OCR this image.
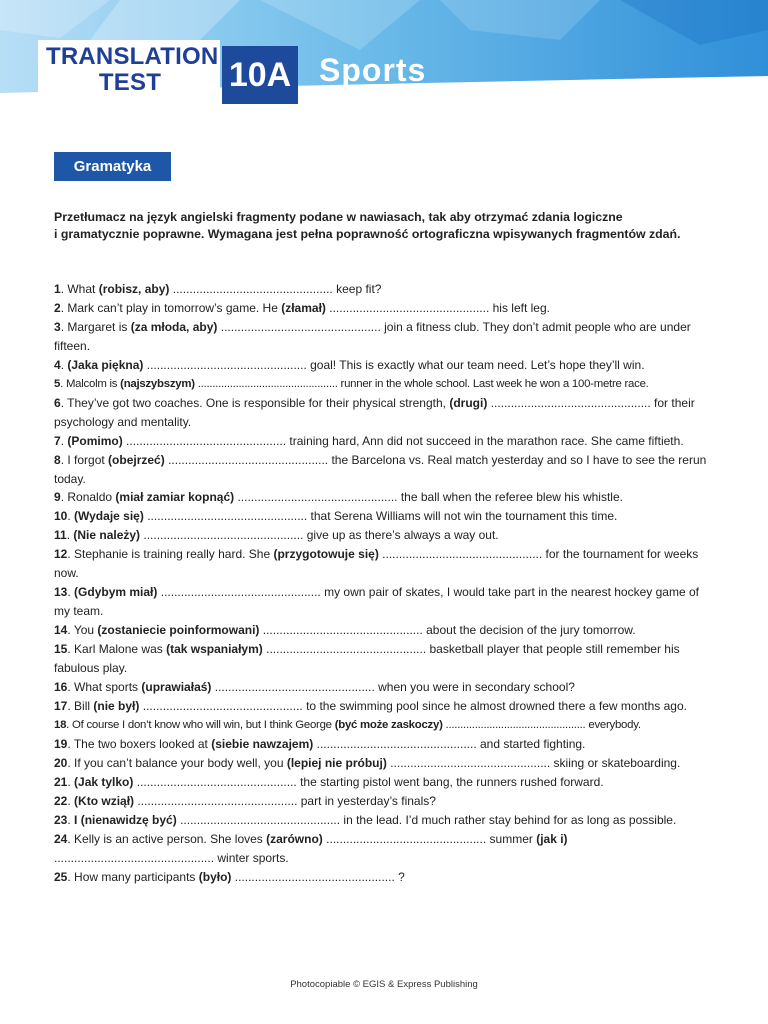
TRANSLATION
TEST	10A Sports
Gramatyka
Przetłumacz na język angielski fragmenty podane w nawiasach, tak aby otrzymać zdania logiczne
i gramatycznie poprawne. Wymagana jest pełna poprawność ortograficzna wpisywanych fragmentów zdań.
1. What (robisz, aby) ................................................ keep fit?
2. Mark can’t play in tomorrow’s game. He (złamał) ................................................ his left leg.
3. Margaret is (za młoda, aby) ................................................ join a fitness club. They don’t admit people who are under fifteen.
4. (Jaka piękna) ................................................ goal! This is exactly what our team need. Let’s hope they’ll win.
5. Malcolm is (najszybszym) ................................................ runner in the whole school. Last week he won a 100-metre race.
6. They’ve got two coaches. One is responsible for their physical strength, (drugi) ................................................ for their psychology and mentality.
7. (Pomimo) ................................................ training hard, Ann did not succeed in the marathon race. She came fiftieth.
8. I forgot (obejrzeć) ................................................ the Barcelona vs. Real match yesterday and so I have to see the rerun today.
9. Ronaldo (miał zamiar kopnąć) ................................................ the ball when the referee blew his whistle.
10. (Wydaje się) ................................................ that Serena Williams will not win the tournament this time.
11. (Nie należy) ................................................ give up as there’s always a way out.
12. Stephanie is training really hard. She (przygotowuje się) ................................................ for the tournament for weeks now.
13. (Gdybym miał) ................................................ my own pair of skates, I would take part in the nearest hockey game of my team.
14. You (zostaniecie poinformowani) ................................................ about the decision of the jury tomorrow.
15. Karl Malone was (tak wspaniałym) ................................................ basketball player that people still remember his fabulous play.
16. What sports (uprawiałaś) ................................................ when you were in secondary school?
17. Bill (nie był) ................................................ to the swimming pool since he almost drowned there a few months ago.
18. Of course I don’t know who will win, but I think George (być może zaskoczy) ................................................ everybody.
19. The two boxers looked at (siebie nawzajem) ................................................ and started fighting.
20. If you can’t balance your body well, you (lepiej nie próbuj) ................................................ skiing or skateboarding.
21. (Jak tylko) ................................................ the starting pistol went bang, the runners rushed forward.
22. (Kto wziął) ................................................ part in yesterday’s finals?
23. I (nienawidzę być) ................................................ in the lead. I’d much rather stay behind for as long as possible.
24. Kelly is an active person. She loves (zarówno) ................................................ summer (jak i) ................................................ winter sports.
25. How many participants (było) ................................................ ?
Photocopiable © EGIS & Express Publishing
